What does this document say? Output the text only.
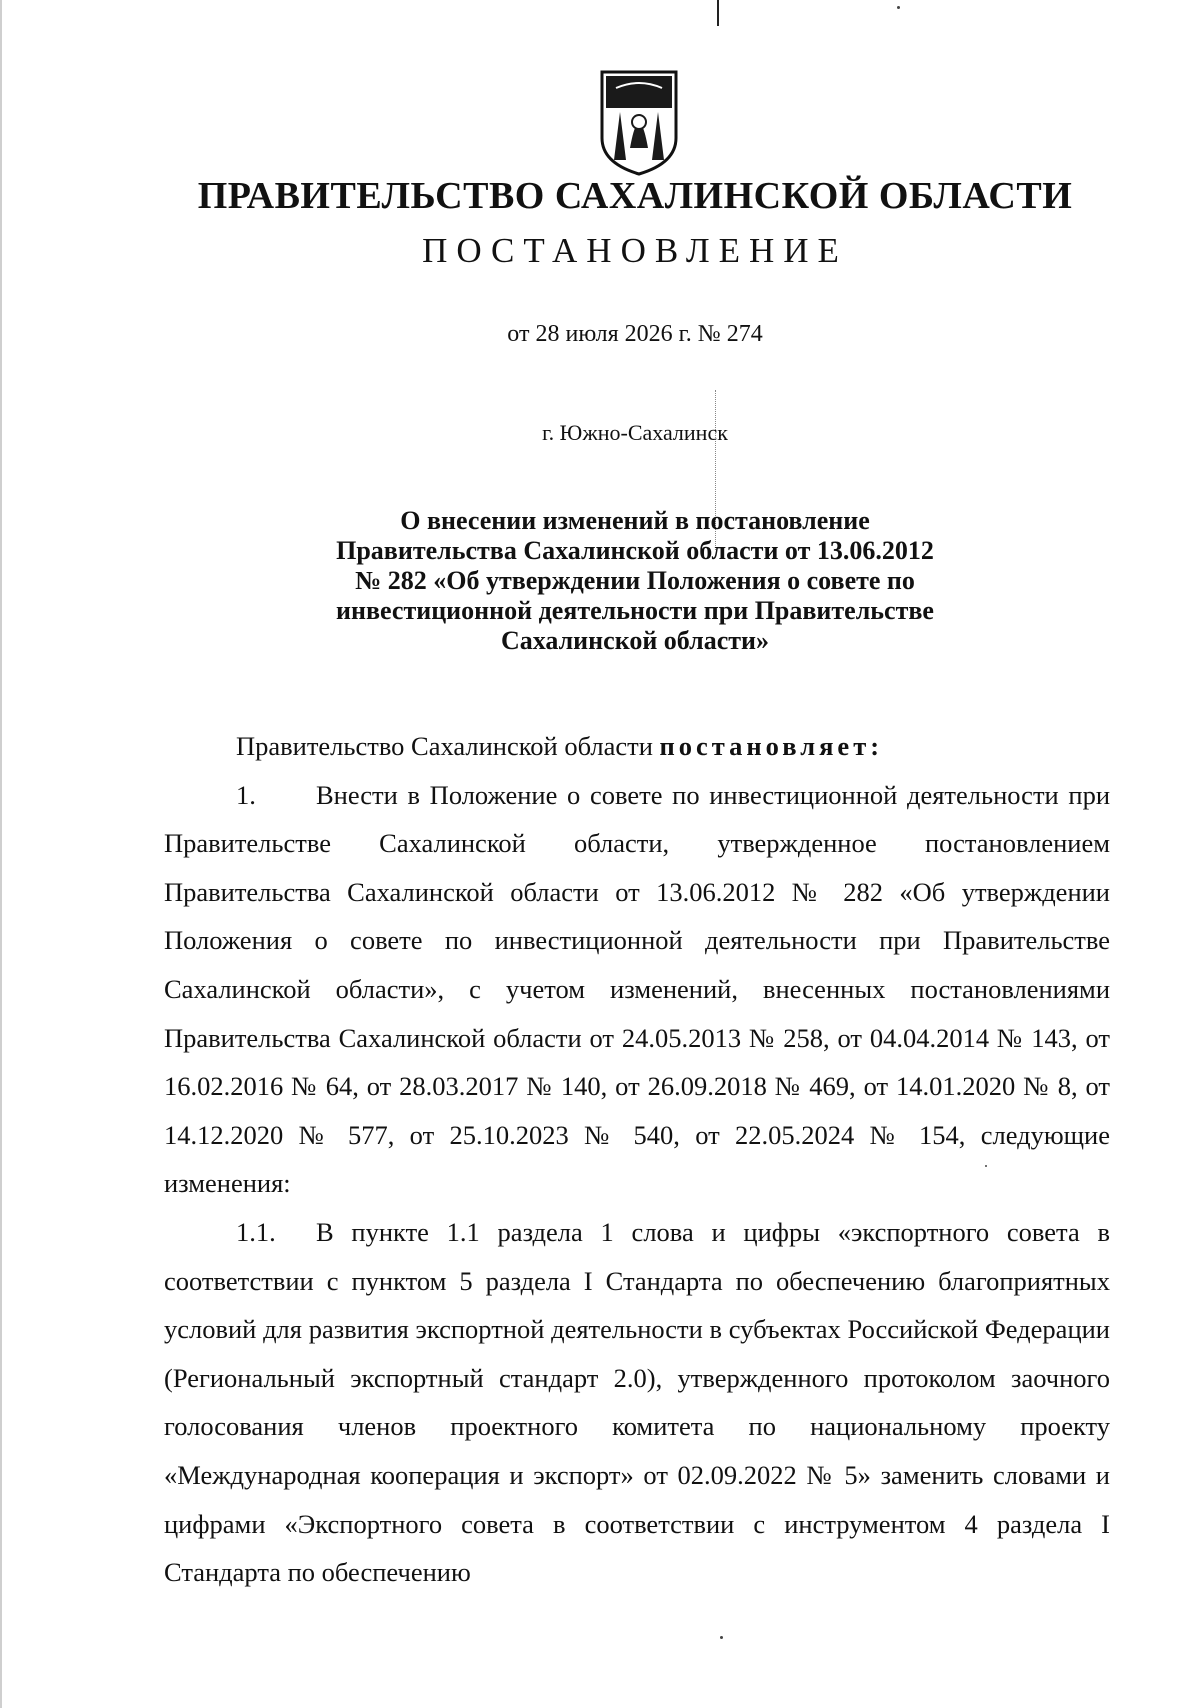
ПРАВИТЕЛЬСТВО САХАЛИНСКОЙ ОБЛАСТИ
ПОСТАНОВЛЕНИЕ
от 28 июля 2026 г. № 274
г. Южно-Сахалинск
О внесении изменений в постановление
Правительства Сахалинской области от 13.06.2012
№ 282 «Об утверждении Положения о совете по
инвестиционной деятельности при Правительстве
Сахалинской области»

Правительство Сахалинской области постановляет:

1. Внести в Положение о совете по инвестиционной деятельности при Правительстве Сахалинской области, утвержденное постановлением Правительства Сахалинской области от 13.06.2012 № 282 «Об утверждении Положения о совете по инвестиционной деятельности при Правительстве Сахалинской области», с учетом изменений, внесенных постановлениями Правительства Сахалинской области от 24.05.2013 № 258, от 04.04.2014 № 143, от 16.02.2016 № 64, от 28.03.2017 № 140, от 26.09.2018 № 469, от 14.01.2020 № 8, от 14.12.2020 № 577, от 25.10.2023 № 540, от 22.05.2024 № 154, следующие изменения:

1.1. В пункте 1.1 раздела 1 слова и цифры «экспортного совета в соответствии с пунктом 5 раздела I Стандарта по обеспечению благоприятных условий для развития экспортной деятельности в субъектах Российской Федерации (Региональный экспортный стандарт 2.0), утвержденного протоколом заочного голосования членов проектного комитета по национальному проекту «Международная кооперация и экспорт» от 02.09.2022 № 5» заменить словами и цифрами «Экспортного совета в соответствии с инструментом 4 раздела I Стандарта по обеспечению
